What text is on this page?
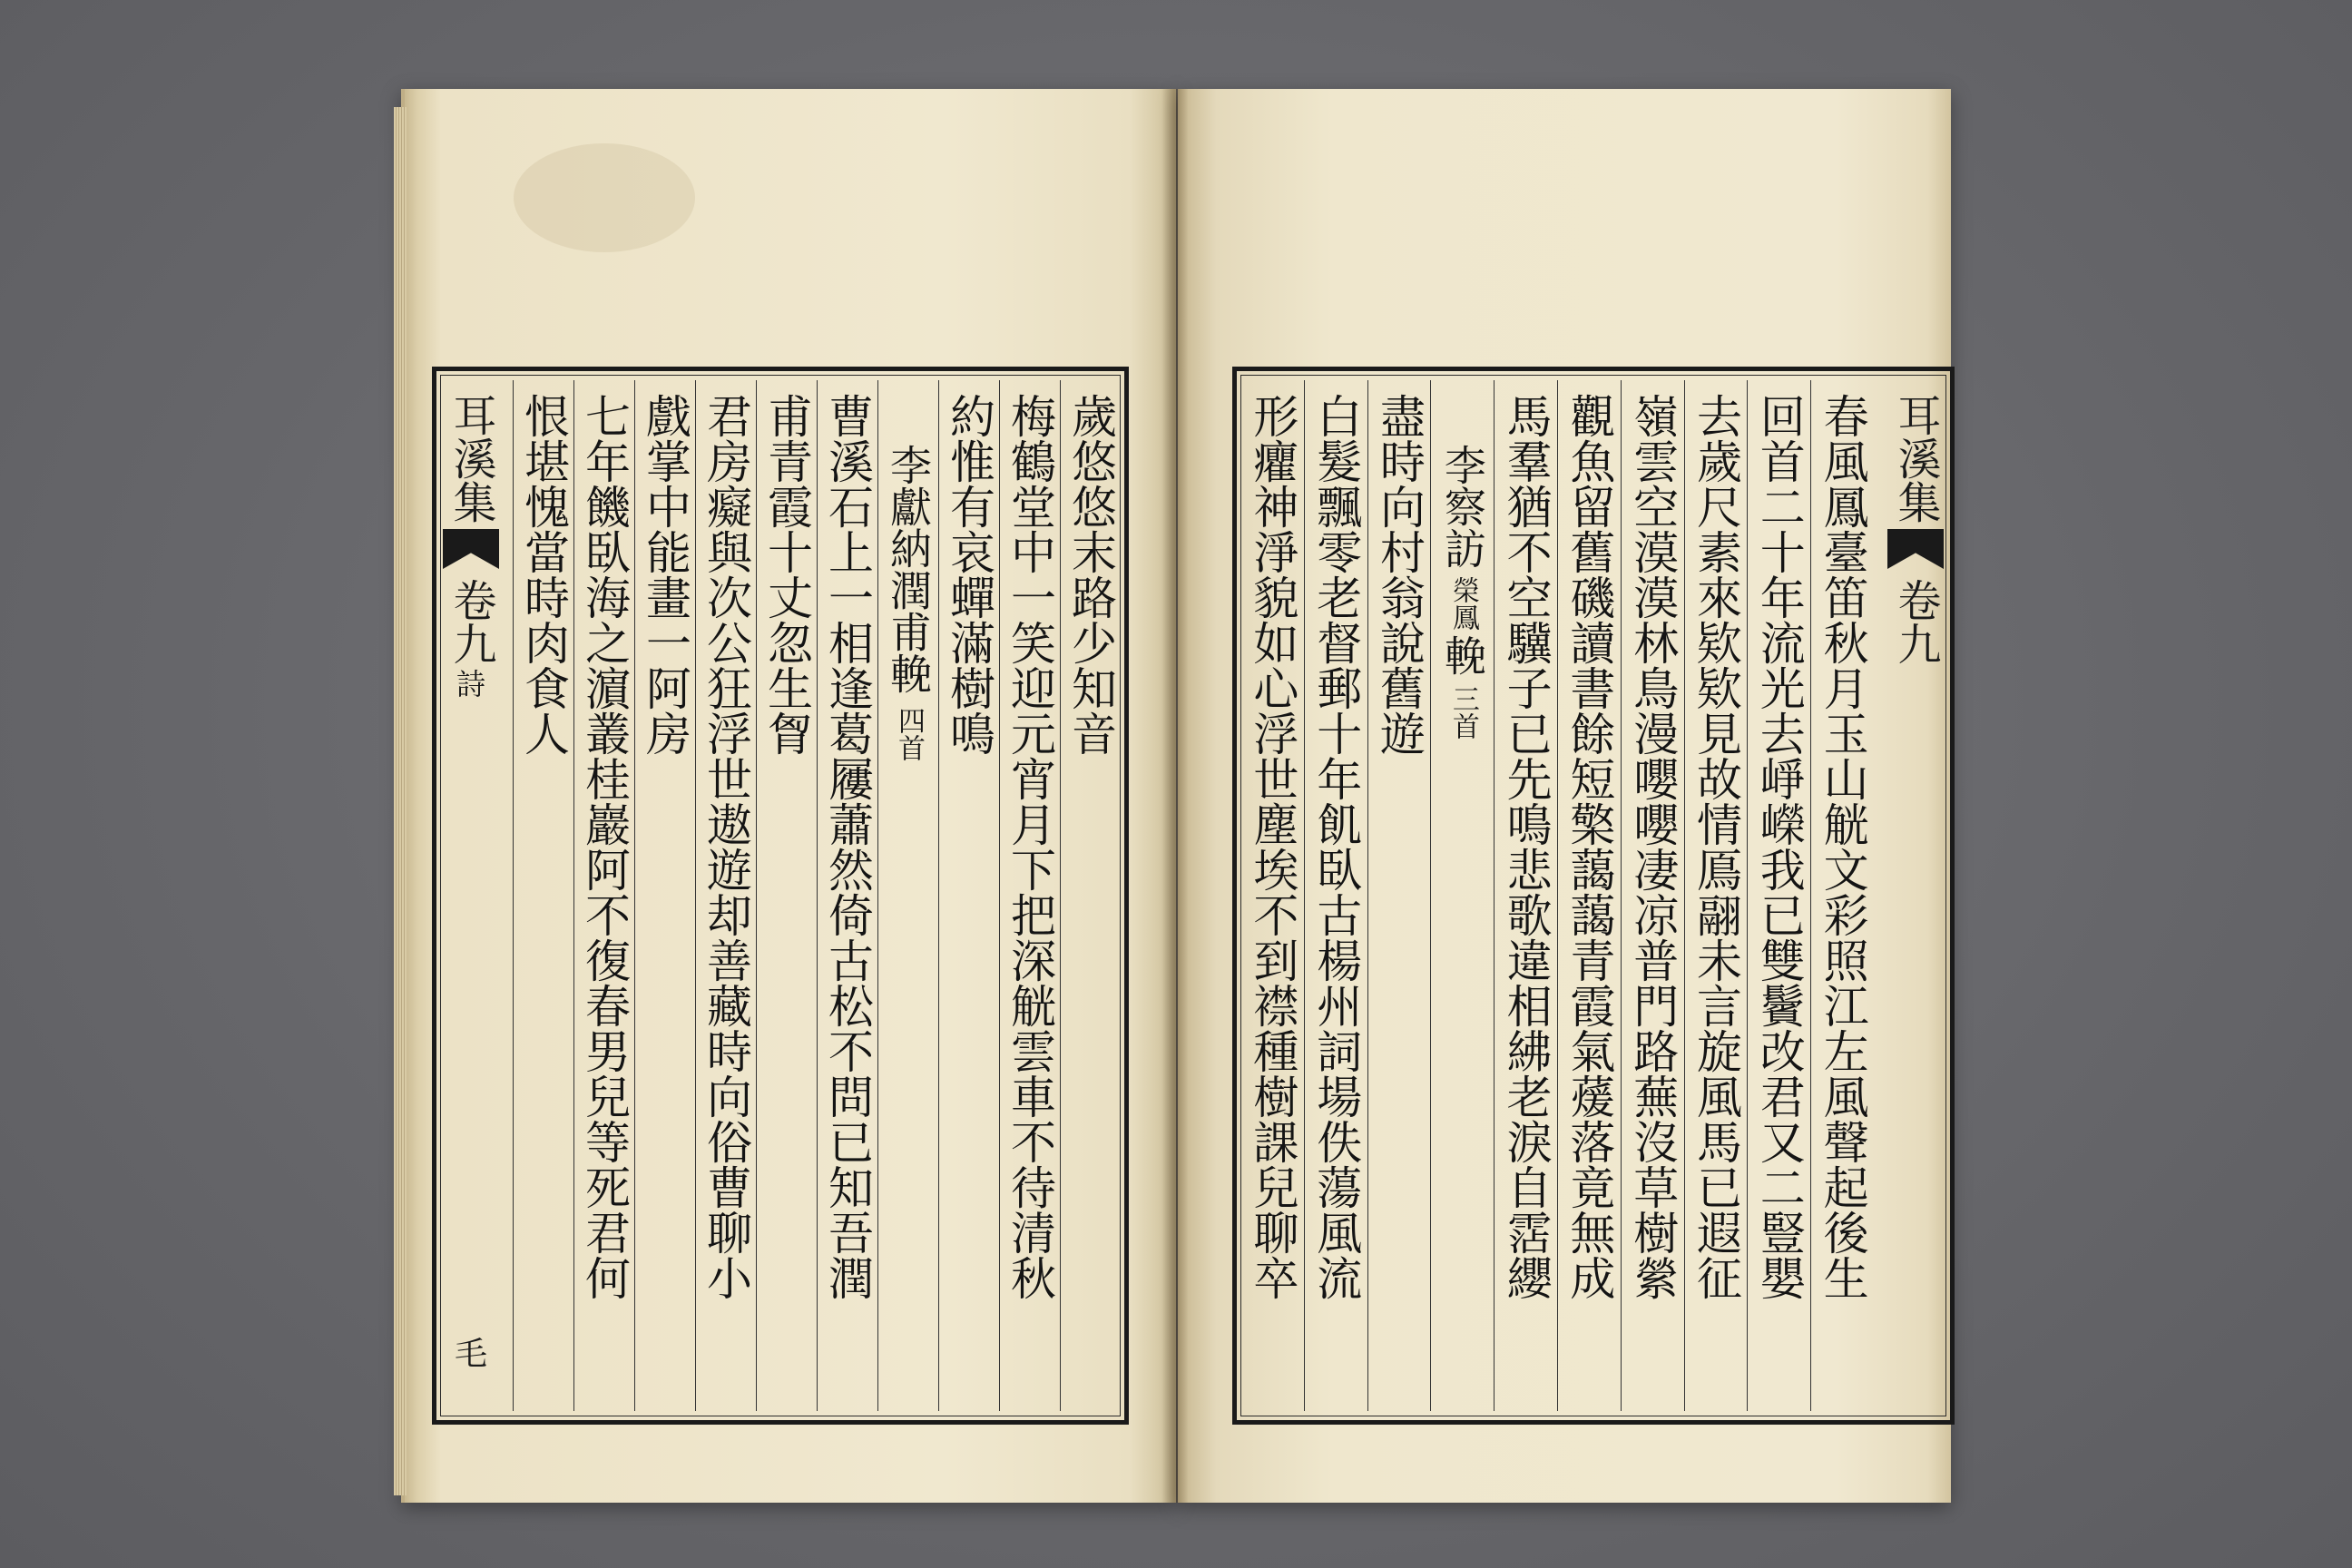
耳溪集
卷九
詩
毛
歲悠悠末路少知音
梅鶴堂中一笑迎元宵月下把深觥雲車不待清秋
約惟有哀蟬滿樹鳴
李獻納潤甫輓
四首
曹溪石上一相逢葛屨蕭然倚古松不問已知吾潤
甫青霞十丈忽生胷
君房癡與次公狂浮世遨遊却善藏時向俗曹聊小
戲掌中能畫一阿房
七年饑臥海之濵叢桂巖阿不復春男兒等死君何
恨堪愧當時肉食人	春風鳳臺笛秋月玉山觥文彩照江左風聲起後生
回首二十年流光去崢嶸我已雙鬢改君又二豎嬰
去歲尺素來欵欵見故情鳫翮未言旋風馬已遐征
嶺雲空漠漠林鳥漫嚶嚶凄凉普門路蕪沒草樹縈
觀魚留舊磯讀書餘短檠藹藹青霞氣蕿落竟無成
馬羣猶不空驥子已先鳴悲歌違相紼老淚自霑纓
李察訪
榮鳳
輓
三首
盡時向村翁說舊遊
白髮飄零老督郵十年飢臥古楊州詞場佚蕩風流
形癯神淨貌如心浮世塵埃不到襟種樹課兒聊卒	耳溪集
卷九
